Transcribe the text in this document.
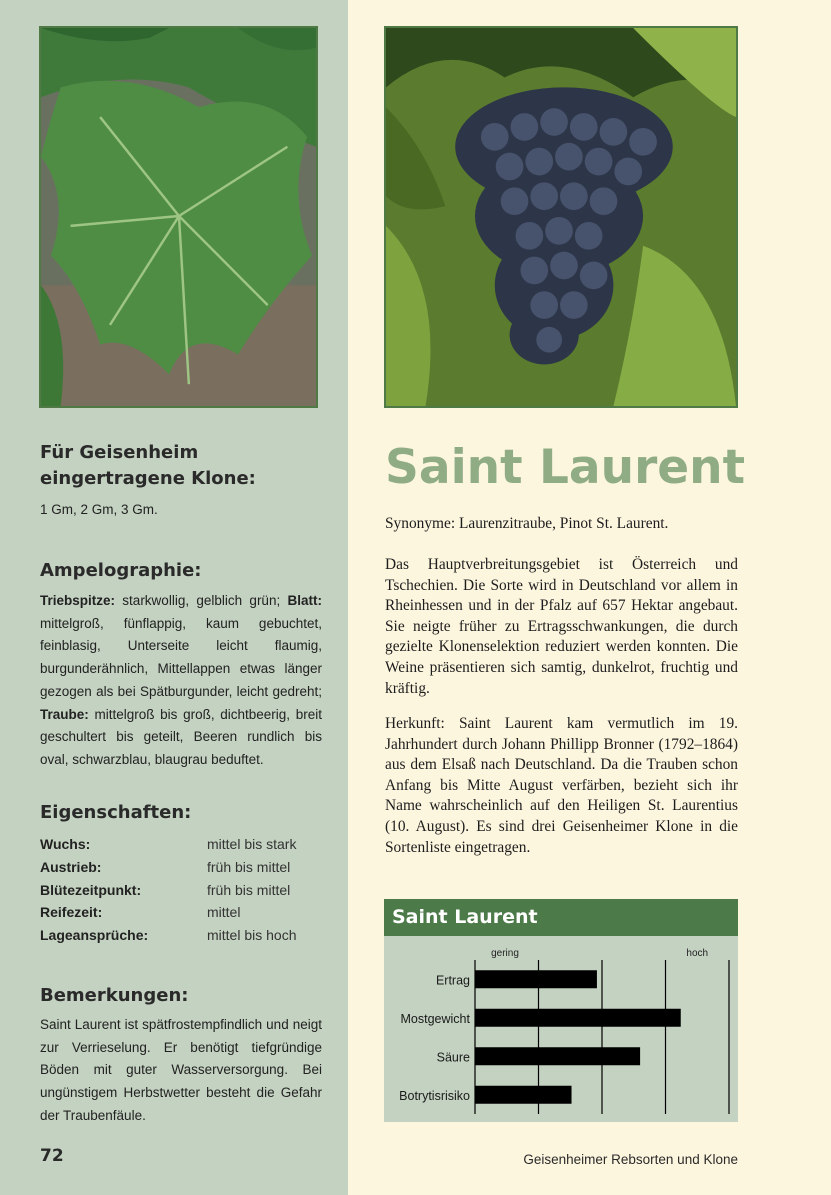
Für Geisenheim
eingertragene Klone:

1 Gm, 2 Gm, 3 Gm.

Ampelographie:

Triebspitze: starkwollig, gelblich grün; Blatt: mittelgroß, fünflappig, kaum gebuchtet, feinblasig, Unterseite leicht flaumig, burgunderähnlich, Mittellappen etwas länger gezogen als bei Spätburgunder, leicht gedreht; Traube: mittelgroß bis groß, dichtbeerig, breit geschultert bis geteilt, Beeren rundlich bis oval, schwarzblau, blaugrau beduftet.

Eigenschaften:
Wuchs:	mittel bis stark
Austrieb:	früh bis mittel
Blütezeitpunkt:	früh bis mittel
Reifezeit:	mittel
Lageansprüche:	mittel bis hoch
Bemerkungen:

Saint Laurent ist spätfrostempfindlich und neigt zur Verrieselung. Er benötigt tiefgründige Böden mit guter Wasserversorgung. Bei ungünstigem Herbstwetter besteht die Gefahr der Traubenfäule.

72

Saint Laurent

Synonyme: Laurenzitraube, Pinot St. Laurent.

Das Hauptverbreitungsgebiet ist Österreich und Tschechien. Die Sorte wird in Deutschland vor allem in Rheinhessen und in der Pfalz auf 657 Hektar angebaut. Sie neigte früher zu Ertragsschwankungen, die durch gezielte Klonenselektion reduziert werden konnten. Die Weine präsentieren sich samtig, dunkelrot, fruchtig und kräftig.

Herkunft: Saint Laurent kam vermutlich im 19. Jahrhundert durch Johann Phillipp Bronner (1792–1864) aus dem Elsaß nach Deutschland. Da die Trauben schon Anfang bis Mitte August verfärben, bezieht sich ihr Name wahrscheinlich auf den Heiligen St. Laurentius (10. August). Es sind drei Geisenheimer Klone in die Sortenliste eingetragen.

Saint Laurent
gering	hoch
Ertrag
Mostgewicht
Säure
Botrytisrisiko

Geisenheimer Rebsorten und Klone
